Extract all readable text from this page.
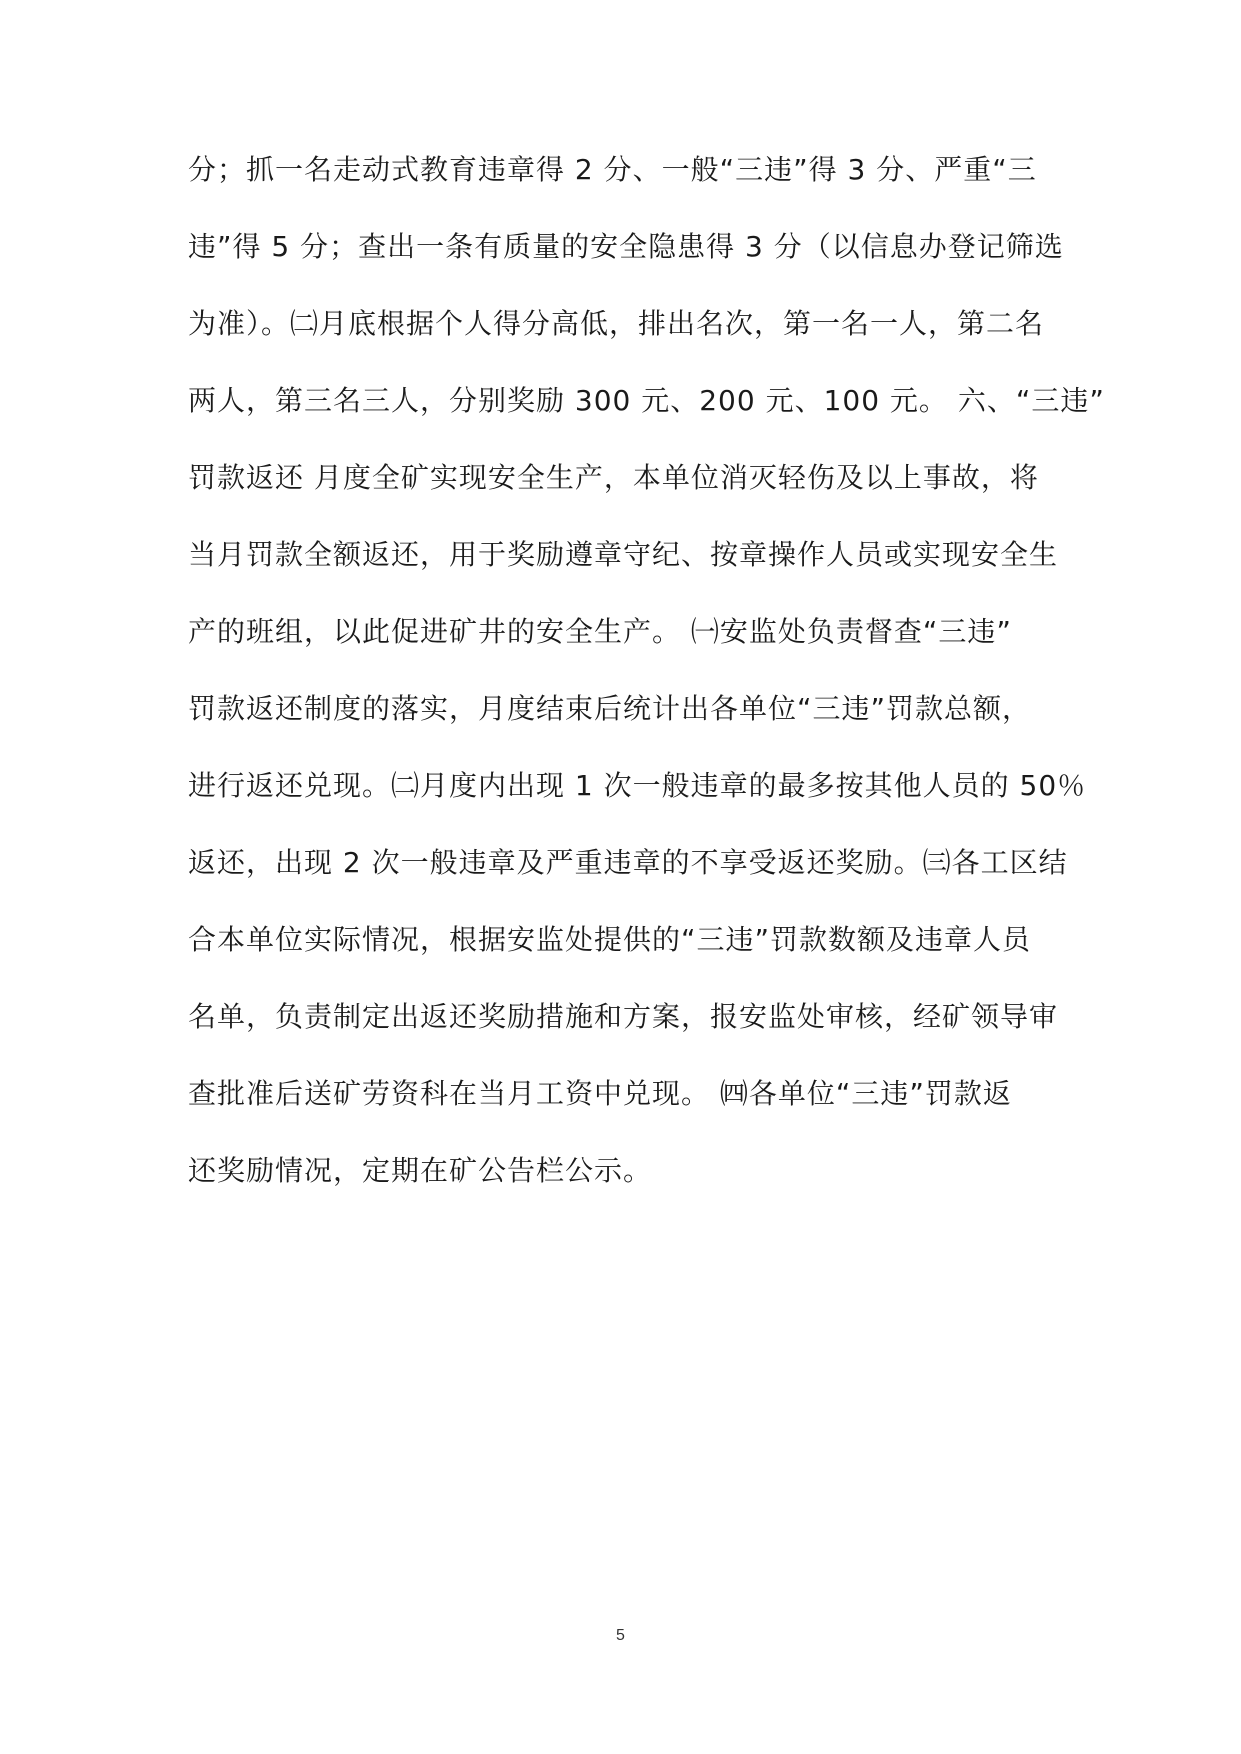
分；抓一名走动式教育违章得 2 分、一般“三违”得 3 分、严重“三
违”得 5 分；查出一条有质量的安全隐患得 3 分（以信息办登记筛选
为准）。㈡月底根据个人得分高低，排出名次，第一名一人，第二名
两人，第三名三人，分别奖励 300 元、200 元、100 元。 六、“三违”
罚款返还 月度全矿实现安全生产，本单位消灭轻伤及以上事故，将
当月罚款全额返还，用于奖励遵章守纪、按章操作人员或实现安全生
产的班组，以此促进矿井的安全生产。 ㈠安监处负责督查“三违”
罚款返还制度的落实，月度结束后统计出各单位“三违”罚款总额，
进行返还兑现。㈡月度内出现 1 次一般违章的最多按其他人员的 50％
返还，出现 2 次一般违章及严重违章的不享受返还奖励。㈢各工区结
合本单位实际情况，根据安监处提供的“三违”罚款数额及违章人员
名单，负责制定出返还奖励措施和方案，报安监处审核，经矿领导审
查批准后送矿劳资科在当月工资中兑现。 ㈣各单位“三违”罚款返
还奖励情况，定期在矿公告栏公示。
5
